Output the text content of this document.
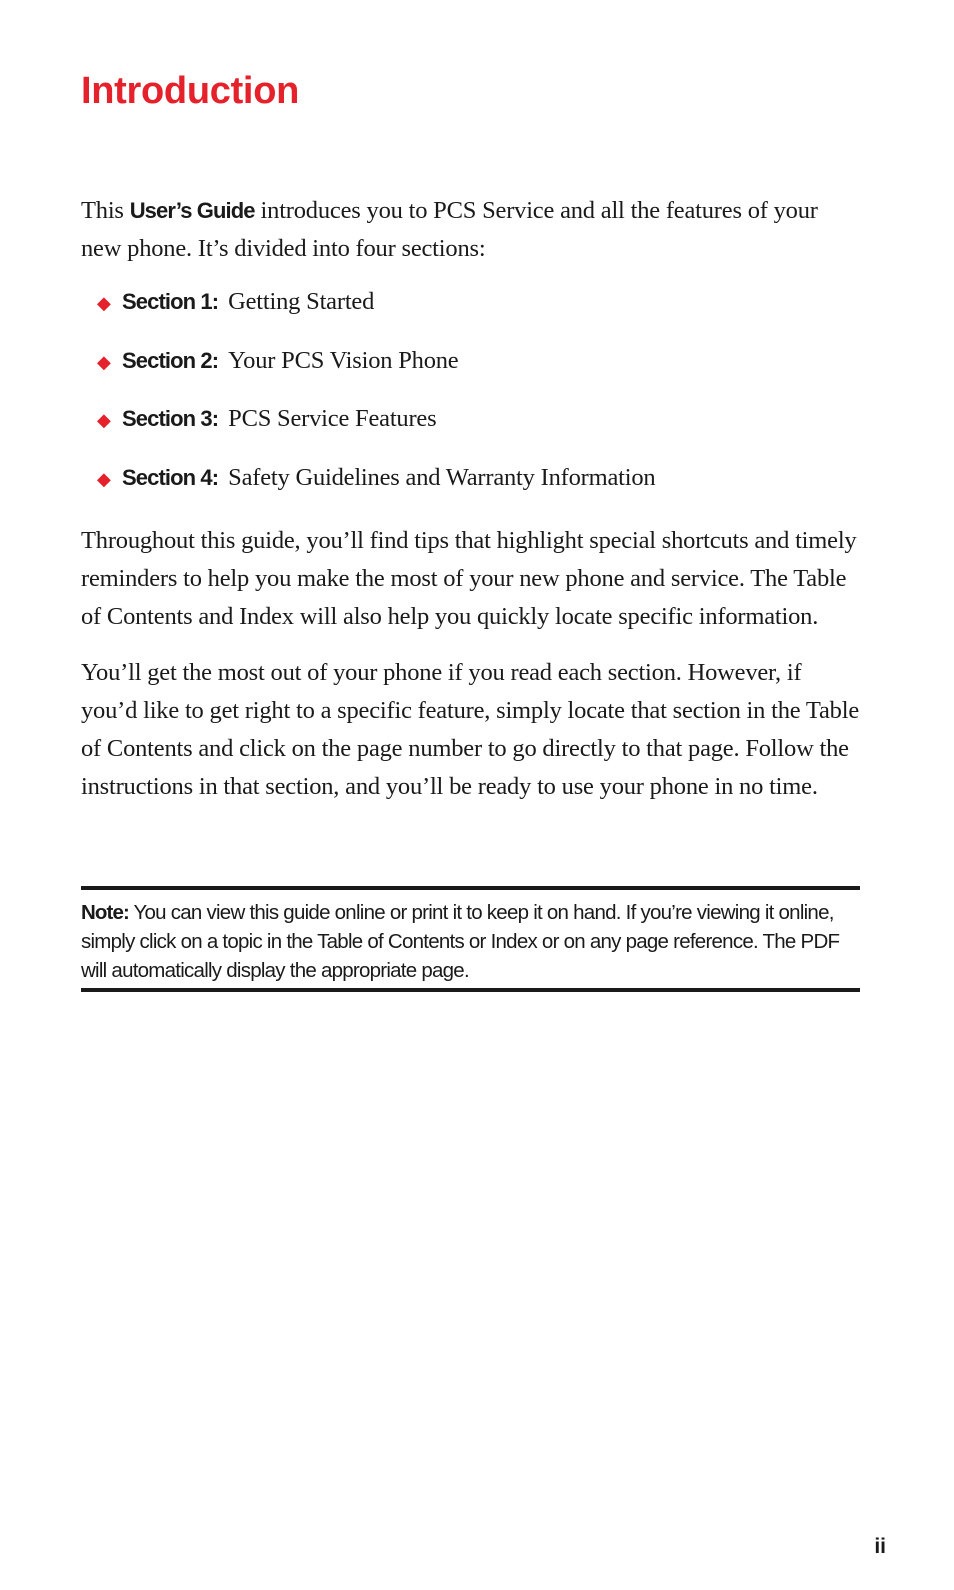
Introduction

This User’s Guide introduces you to PCS Service and all the features of your new phone. It’s divided into four sections:

◆ Section 1: Getting Started
◆ Section 2: Your PCS Vision Phone
◆ Section 3: PCS Service Features
◆ Section 4: Safety Guidelines and Warranty Information

Throughout this guide, you’ll find tips that highlight special shortcuts and timely reminders to help you make the most of your new phone and service. The Table of Contents and Index will also help you quickly locate specific information.

You’ll get the most out of your phone if you read each section. However, if you’d like to get right to a specific feature, simply locate that section in the Table of Contents and click on the page number to go directly to that page. Follow the instructions in that section, and you’ll be ready to use your phone in no time.

Note: You can view this guide online or print it to keep it on hand. If you’re viewing it online, simply click on a topic in the Table of Contents or Index or on any page reference. The PDF will automatically display the appropriate page.
ii
